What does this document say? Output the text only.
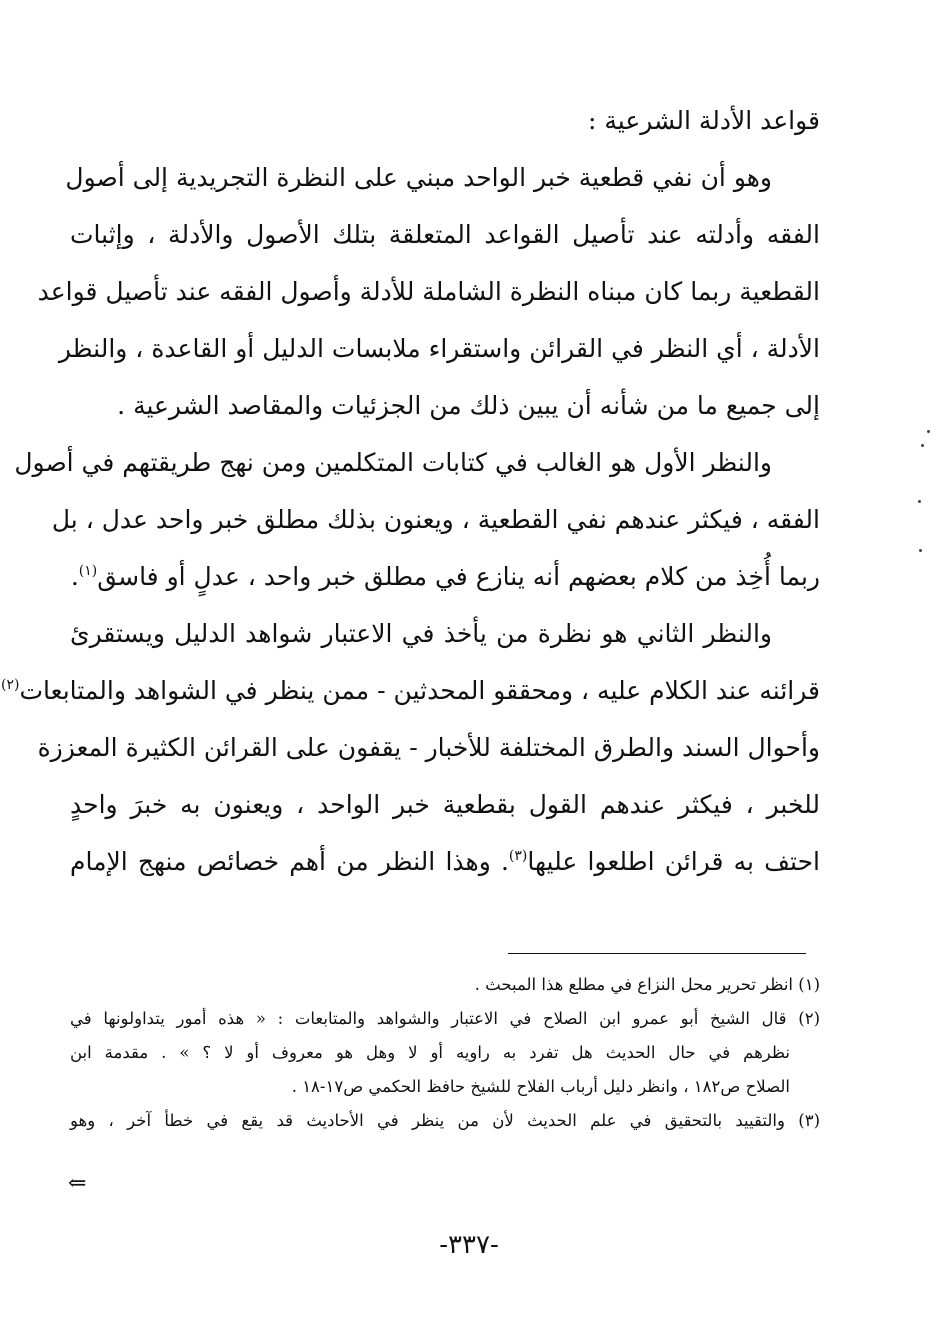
قواعد الأدلة الشرعية :
وهو أن نفي قطعية خبر الواحد مبني على النظرة التجريدية إلى أصول
الفقه وأدلته عند تأصيل القواعد المتعلقة بتلك الأصول والأدلة ، وإثبات
القطعية ربما كان مبناه النظرة الشاملة للأدلة وأصول الفقه عند تأصيل قواعد
الأدلة ، أي النظر في القرائن واستقراء ملابسات الدليل أو القاعدة ، والنظر
إلى جميع ما من شأنه أن يبين ذلك من الجزئيات والمقاصد الشرعية .
والنظر الأول هو الغالب في كتابات المتكلمين ومن نهج طريقتهم في أصول
الفقه ، فيكثر عندهم نفي القطعية ، ويعنون بذلك مطلق خبر واحد عدل ، بل
ربما أُخِذ من كلام بعضهم أنه ينازع في مطلق خبر واحد ، عدلٍ أو فاسق$^{(١)}$.
والنظر الثاني هو نظرة من يأخذ في الاعتبار شواهد الدليل ويستقرئ
قرائنه عند الكلام عليه ، ومحققو المحدثين - ممن ينظر في الشواهد والمتابعات$^{(٢)}$
وأحوال السند والطرق المختلفة للأخبار - يقفون على القرائن الكثيرة المعززة
للخبر ، فيكثر عندهم القول بقطعية خبر الواحد ، ويعنون به خبرَ واحدٍ
احتف به قرائن اطلعوا عليها$^{(٣)}$. وهذا النظر من أهم خصائص منهج الإمام
(١) انظر تحرير محل النزاع في مطلع هذا المبحث .
(٢) قال الشيخ أبو عمرو ابن الصلاح في الاعتبار والشواهد والمتابعات : « هذه أمور يتداولونها في
نظرهم في حال الحديث هل تفرد به راويه أو لا وهل هو معروف أو لا ؟ » . مقدمة ابن
الصلاح ص١٨٢ ، وانظر دليل أرباب الفلاح للشيخ حافظ الحكمي ص١٧-١٨ .
(٣) والتقييد بالتحقيق في علم الحديث لأن من ينظر في الأحاديث قد يقع في خطأ آخر ، وهو
⇐
-٣٣٧-
